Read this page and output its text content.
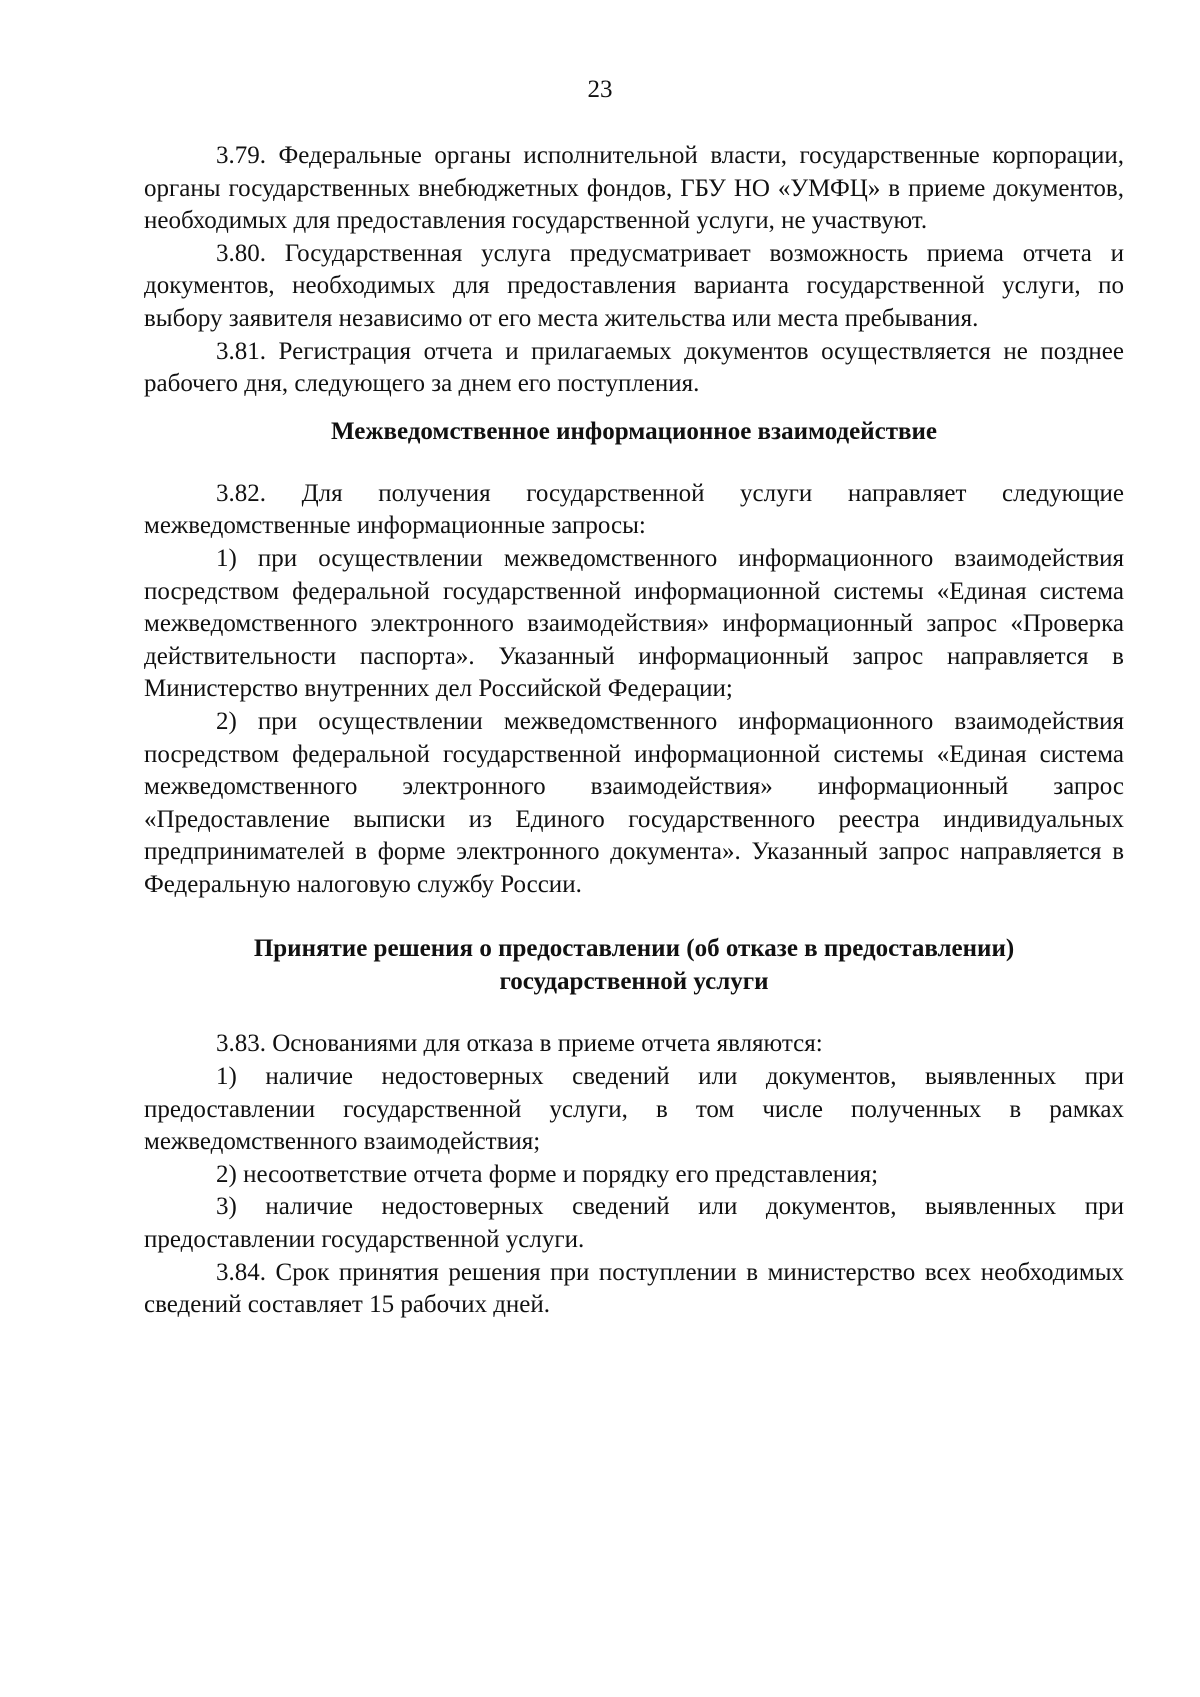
23

3.79. Федеральные органы исполнительной власти, государственные корпорации, органы государственных внебюджетных фондов, ГБУ НО «УМФЦ» в приеме документов, необходимых для предоставления государственной услуги, не участвуют.

3.80. Государственная услуга предусматривает возможность приема отчета и документов, необходимых для предоставления варианта государственной услуги, по выбору заявителя независимо от его места жительства или места пребывания.

3.81. Регистрация отчета и прилагаемых документов осуществляется не позднее рабочего дня, следующего за днем его поступления.

Межведомственное информационное взаимодействие

3.82. Для получения государственной услуги направляет следующие межведомственные информационные запросы:

1) при осуществлении межведомственного информационного взаимодействия посредством федеральной государственной информационной системы «Единая система межведомственного электронного взаимодействия» информационный запрос «Проверка действительности паспорта». Указанный информационный запрос направляется в Министерство внутренних дел Российской Федерации;

2) при осуществлении межведомственного информационного взаимодействия посредством федеральной государственной информационной системы «Единая система межведомственного электронного взаимодействия» информационный запрос «Предоставление выписки из Единого государственного реестра индивидуальных предпринимателей в форме электронного документа». Указанный запрос направляется в Федеральную налоговую службу России.

Принятие решения о предоставлении (об отказе в предоставлении)
государственной услуги

3.83. Основаниями для отказа в приеме отчета являются:

1) наличие недостоверных сведений или документов, выявленных при предоставлении государственной услуги, в том числе полученных в рамках межведомственного взаимодействия;

2) несоответствие отчета форме и порядку его представления;

3) наличие недостоверных сведений или документов, выявленных при предоставлении государственной услуги.

3.84. Срок принятия решения при поступлении в министерство всех необходимых сведений составляет 15 рабочих дней.
